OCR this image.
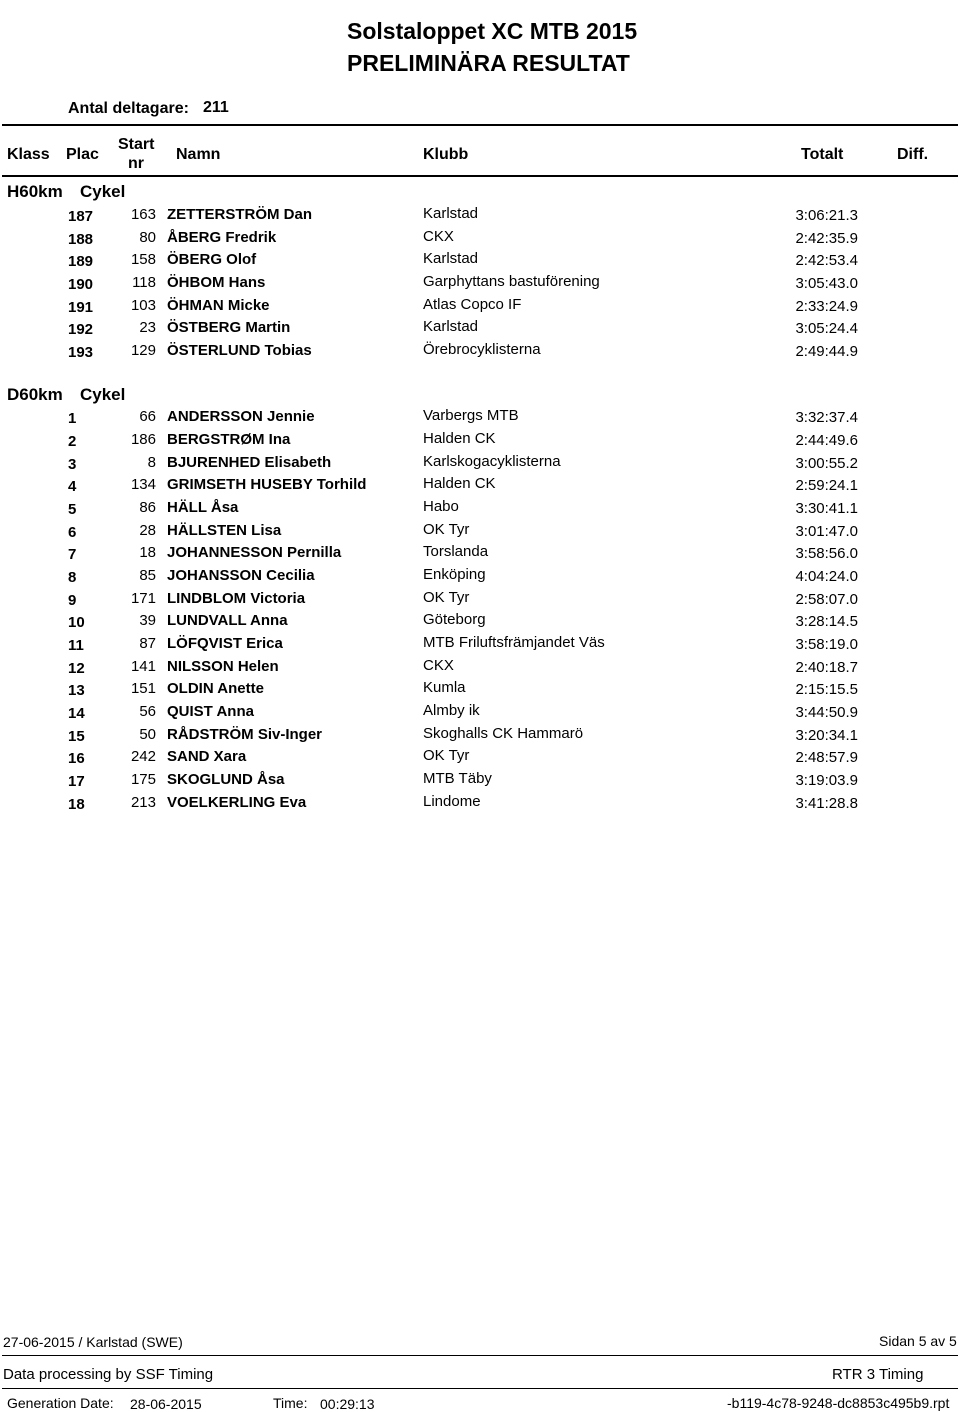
Solstaloppet XC MTB 2015
PRELIMINÄRA RESULTAT
Antal deltagare: 211
Klass Plac
Start
nr
Namn	Klubb	Totalt	Diff.
H60km Cykel
187	163 ZETTERSTRÖM Dan	Karlstad	3:06:21.3
188	80 ÅBERG Fredrik	CKX	2:42:35.9
189	158 ÖBERG Olof	Karlstad	2:42:53.4
190	118 ÖHBOM Hans	Garphyttans bastuförening	3:05:43.0
191	103 ÖHMAN Micke	Atlas Copco IF	2:33:24.9
192	23 ÖSTBERG Martin	Karlstad	3:05:24.4
193	129 ÖSTERLUND Tobias	Örebrocyklisterna	2:49:44.9
D60km Cykel
1	66 ANDERSSON Jennie	Varbergs MTB	3:32:37.4
2	186 BERGSTRØM Ina	Halden CK	2:44:49.6
3	8 BJURENHED Elisabeth	Karlskogacyklisterna	3:00:55.2
4	134 GRIMSETH HUSEBY Torhild	Halden CK	2:59:24.1
5	86 HÄLL Åsa	Habo	3:30:41.1
6	28 HÄLLSTEN Lisa	OK Tyr	3:01:47.0
7	18 JOHANNESSON Pernilla	Torslanda	3:58:56.0
8	85 JOHANSSON Cecilia	Enköping	4:04:24.0
9	171 LINDBLOM Victoria	OK Tyr	2:58:07.0
10	39 LUNDVALL Anna	Göteborg	3:28:14.5
11	87 LÖFQVIST Erica	MTB Friluftsfrämjandet Väs	3:58:19.0
12	141 NILSSON Helen	CKX	2:40:18.7
13	151 OLDIN Anette	Kumla	2:15:15.5
14	56 QUIST Anna	Almby ik	3:44:50.9
15	50 RÅDSTRÖM Siv-Inger	Skoghalls CK Hammarö	3:20:34.1
16	242 SAND Xara	OK Tyr	2:48:57.9
17	175 SKOGLUND Åsa	MTB Täby	3:19:03.9
18	213 VOELKERLING Eva	Lindome	3:41:28.8
27-06-2015 / Karlstad (SWE)	Sidan 5 av 5
Data processing by SSF Timing	RTR 3 Timing
Generation Date: 28-06-2015	Time: 00:29:13	-b119-4c78-9248-dc8853c495b9.rpt
